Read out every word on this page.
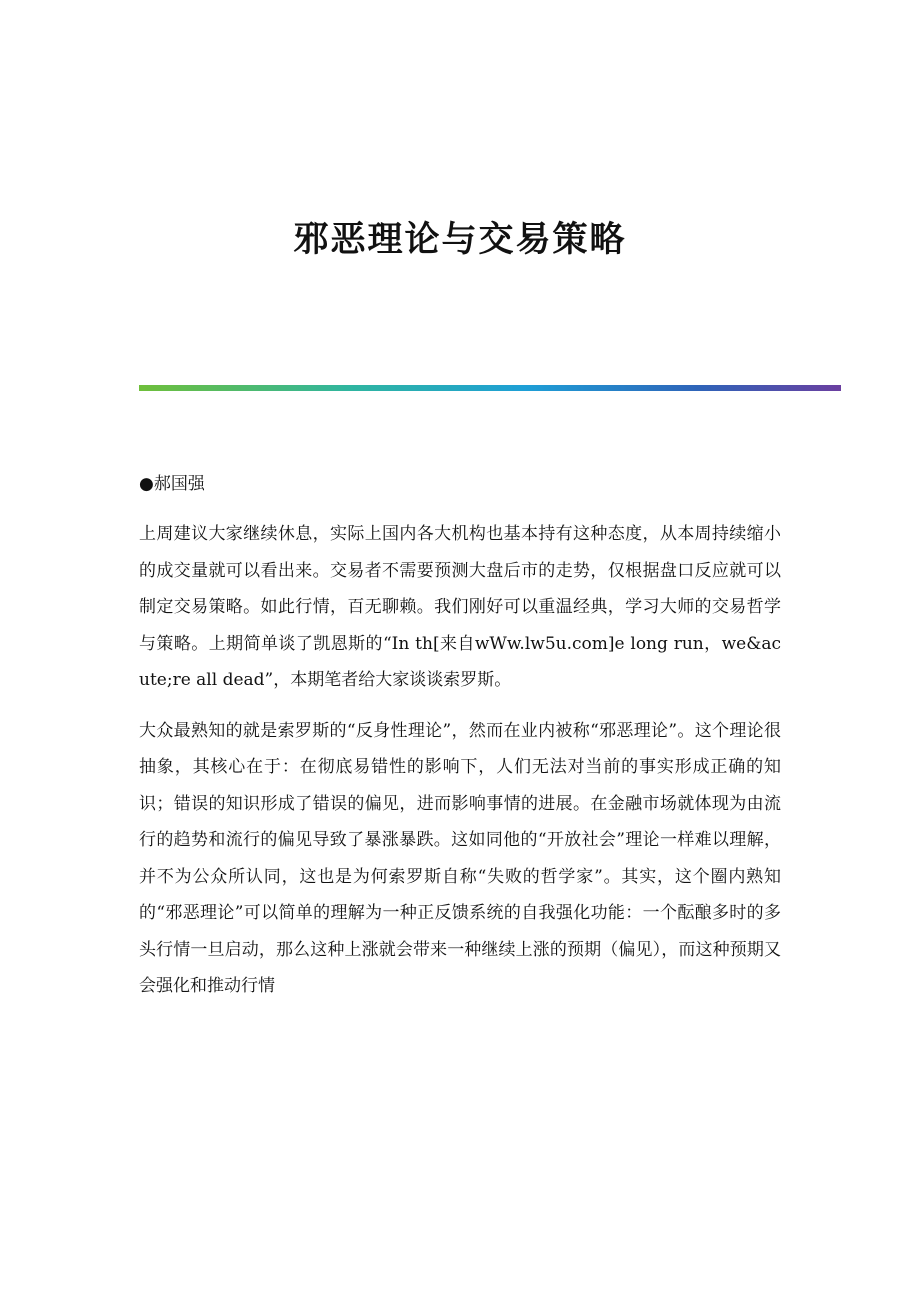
邪恶理论与交易策略

●郝国强

上周建议大家继续休息，实际上国内各大机构也基本持有这种态度，从本周持续缩小的成交量就可以看出来。交易者不需要预测大盘后市的走势，仅根据盘口反应就可以制定交易策略。如此行情，百无聊赖。我们刚好可以重温经典，学习大师的交易哲学与策略。上期简单谈了凯恩斯的“In th[来自wWw.lw5u.com]e long run，we&acute;re all dead”，本期笔者给大家谈谈索罗斯。

大众最熟知的就是索罗斯的“反身性理论”，然而在业内被称“邪恶理论”。这个理论很抽象，其核心在于：在彻底易错性的影响下，人们无法对当前的事实形成正确的知识；错误的知识形成了错误的偏见，进而影响事情的进展。在金融市场就体现为由流行的趋势和流行的偏见导致了暴涨暴跌。这如同他的“开放社会”理论一样难以理解，并不为公众所认同，这也是为何索罗斯自称“失败的哲学家”。其实，这个圈内熟知的“邪恶理论”可以简单的理解为一种正反馈系统的自我强化功能：一个酝酿多时的多头行情一旦启动，那么这种上涨就会带来一种继续上涨的预期（偏见），而这种预期又会强化和推动行情
